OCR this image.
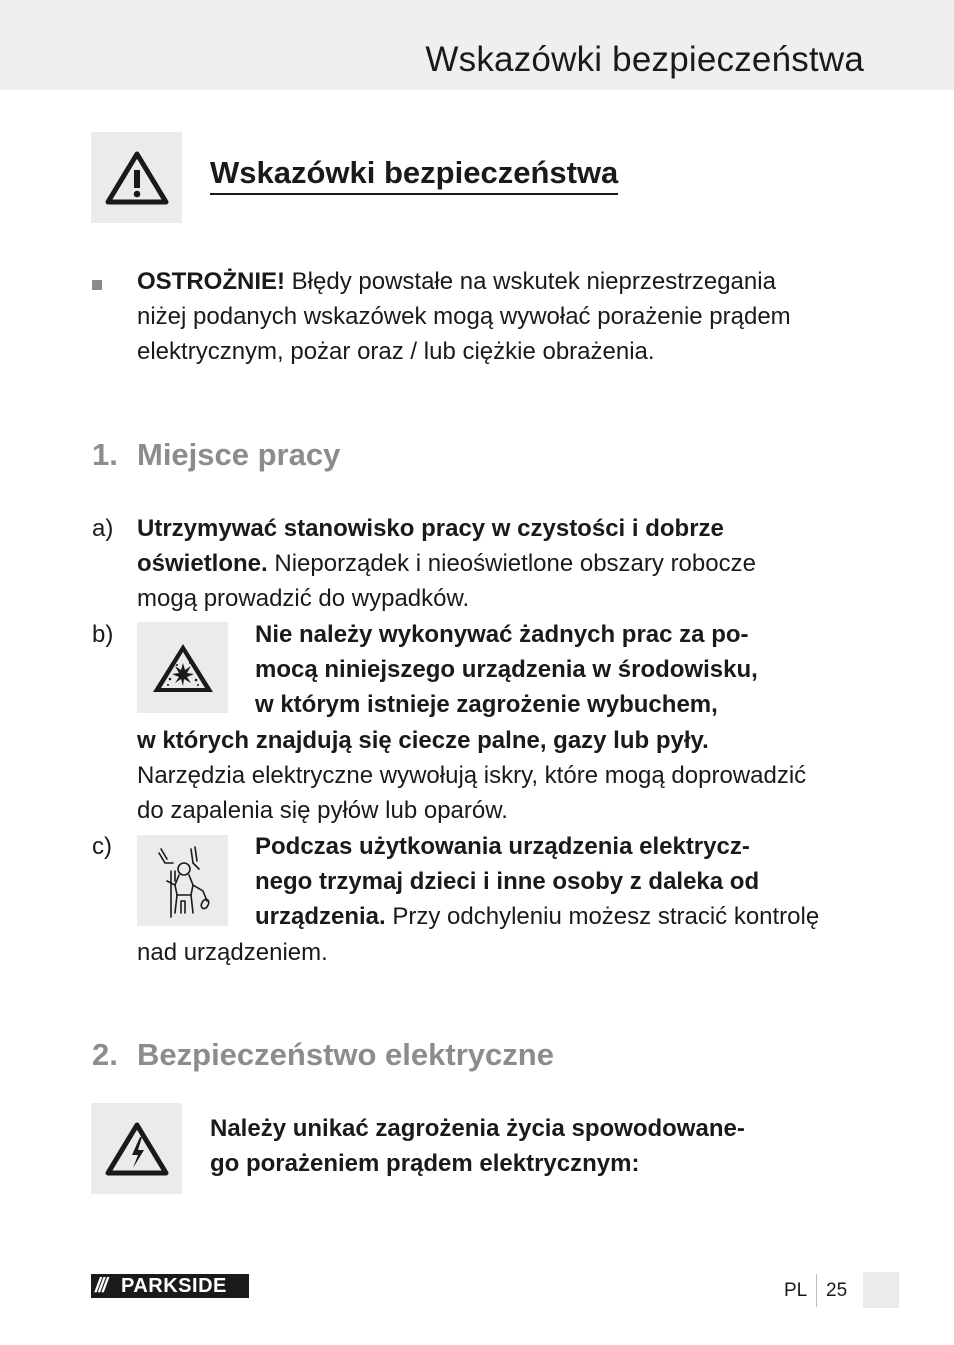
Wskazówki bezpieczeństwa
Wskazówki bezpieczeństwa
OSTROŻNIE! Błędy powstałe na wskutek nieprzestrzegania
niżej podanych wskazówek mogą wywołać porażenie prądem
elektrycznym, pożar oraz / lub ciężkie obrażenia.
1. Miejsce pracy
a) Utrzymywać stanowisko pracy w czystości i dobrze
oświetlone. Nieporządek i nieoświetlone obszary robocze
mogą prowadzić do wypadków.
b)	Nie należy wykonywać żadnych prac za po-
mocą niniejszego urządzenia w środowisku,
w którym istnieje zagrożenie wybuchem,
w których znajdują się ciecze palne, gazy lub pyły.
Narzędzia elektryczne wywołują iskry, które mogą doprowadzić
do zapalenia się pyłów lub oparów.
c)	Podczas użytkowania urządzenia elektrycz-
nego trzymaj dzieci i inne osoby z daleka od
urządzenia. Przy odchyleniu możesz stracić kontrolę
nad urządzeniem.
2. Bezpieczeństwo elektryczne
Należy unikać zagrożenia życia spowodowane-
go porażeniem prądem elektrycznym:
/// PARKSIDE	PL 25
